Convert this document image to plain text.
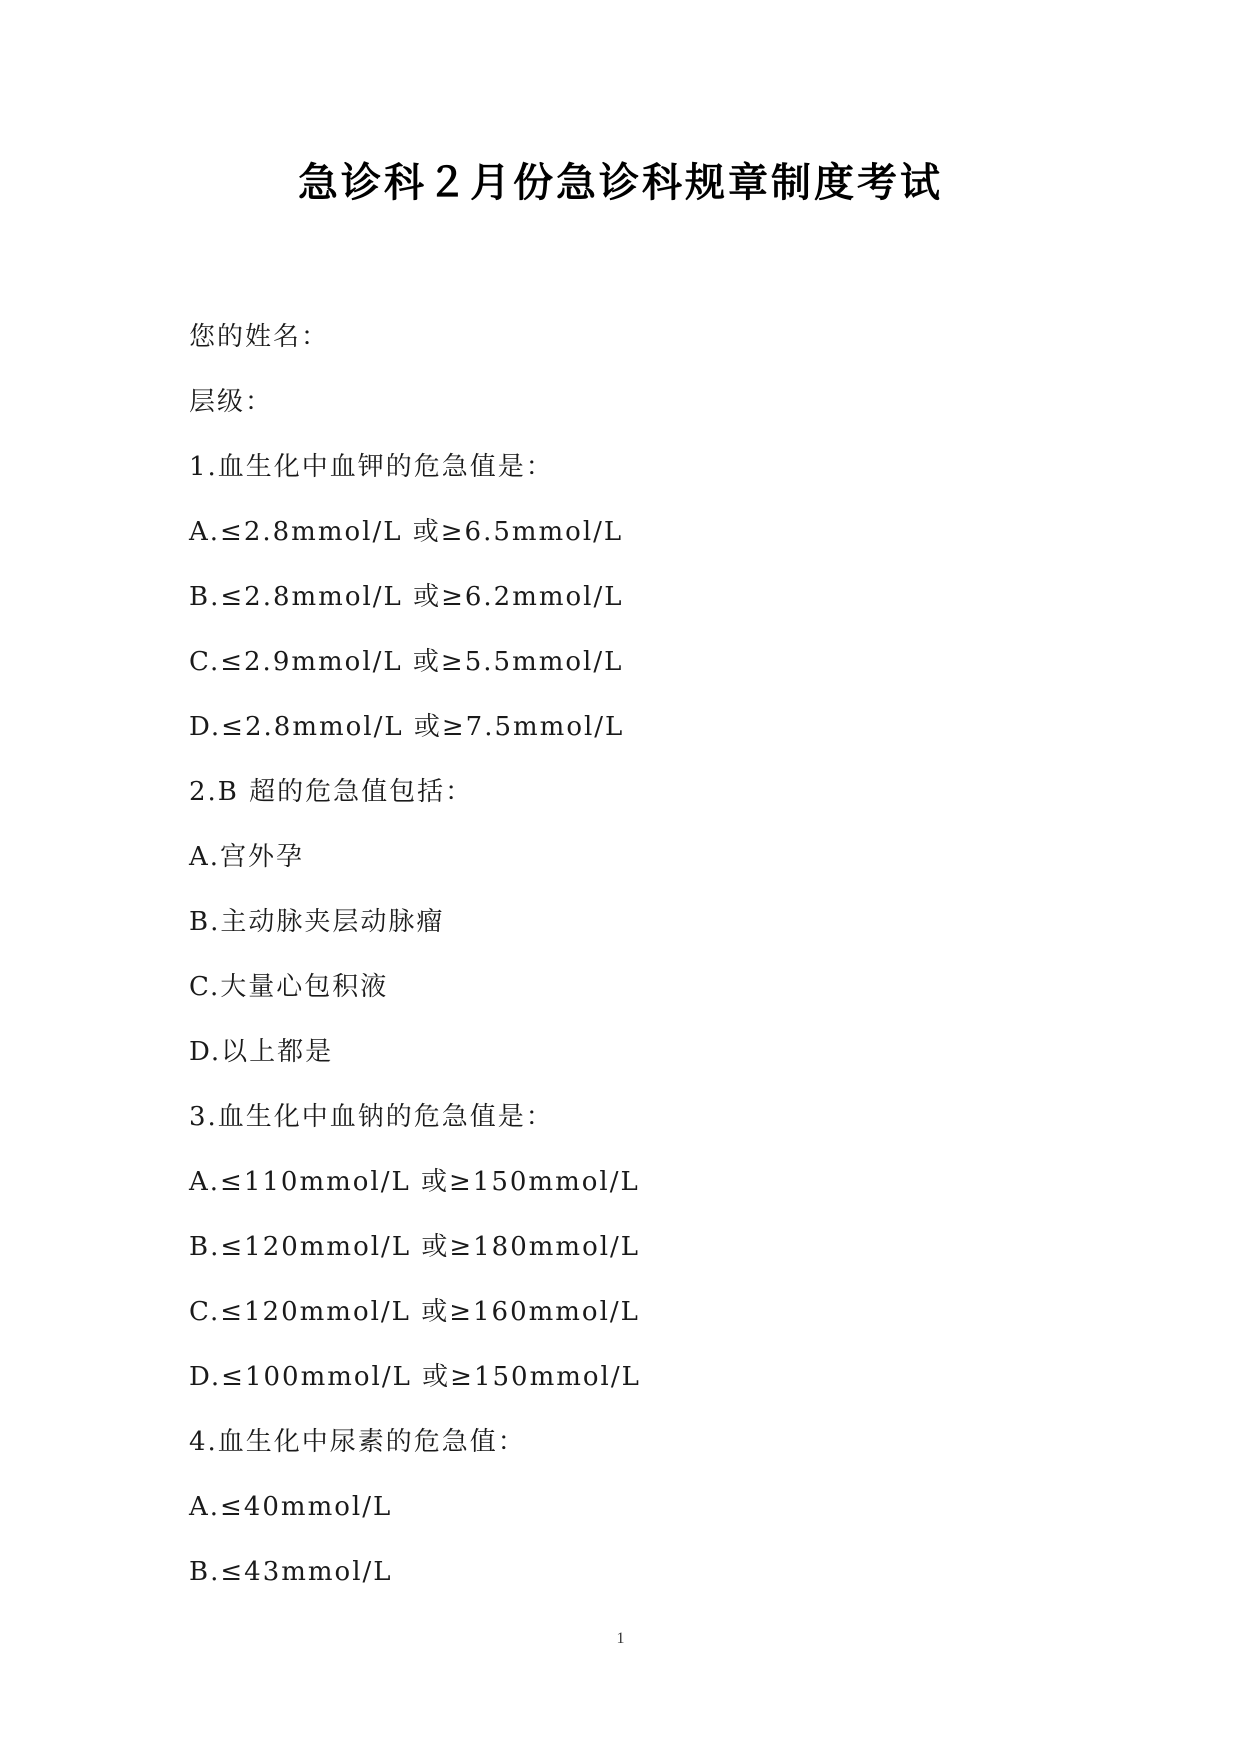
急诊科２月份急诊科规章制度考试
您的姓名：
层级：
1.血生化中血钾的危急值是：
A.≤2.8mmol/L 或≥6.5mmol/L
B.≤2.8mmol/L 或≥6.2mmol/L
C.≤2.9mmol/L 或≥5.5mmol/L
D.≤2.8mmol/L 或≥7.5mmol/L
2.B 超的危急值包括：
A.宫外孕
B.主动脉夹层动脉瘤
C.大量心包积液
D.以上都是
3.血生化中血钠的危急值是：
A.≤110mmol/L 或≥150mmol/L
B.≤120mmol/L 或≥180mmol/L
C.≤120mmol/L 或≥160mmol/L
D.≤100mmol/L 或≥150mmol/L
4.血生化中尿素的危急值：
A.≤40mmol/L
B.≤43mmol/L
1
